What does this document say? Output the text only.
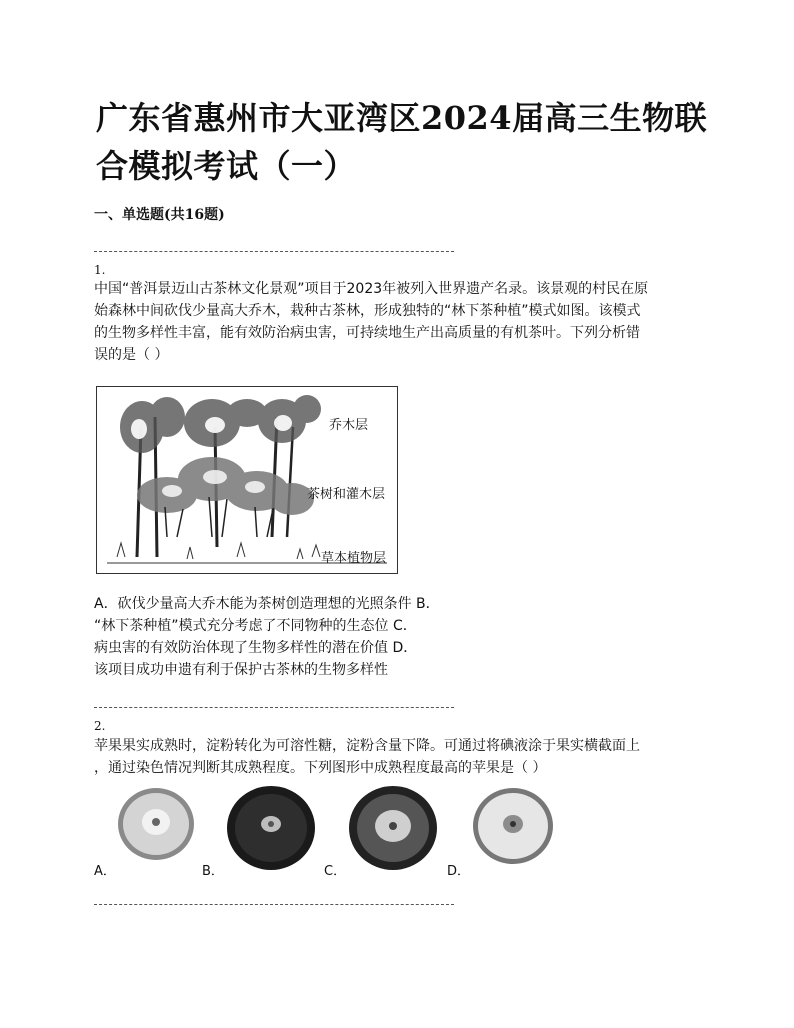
广东省惠州市大亚湾区2024届高三生物联合模拟考试（一）
一、单选题(共16题)
1.
中国“普洱景迈山古茶林文化景观”项目于2023年被列入世界遗产名录。该景观的村民在原
始森林中间砍伐少量高大乔木，栽种古茶林，形成独特的“林下茶种植”模式如图。该模式
的生物多样性丰富，能有效防治病虫害，可持续地生产出高质量的有机茶叶。下列分析错
误的是（ ）
乔木层
茶树和灌木层
草本植物层
A．砍伐少量高大乔木能为茶树创造理想的光照条件 B．
“林下茶种植”模式充分考虑了不同物种的生态位 C．
病虫害的有效防治体现了生物多样性的潜在价值 D．
该项目成功申遗有利于保护古茶林的生物多样性
2.
苹果果实成熟时，淀粉转化为可溶性糖，淀粉含量下降。可通过将碘液涂于果实横截面上
，通过染色情况判断其成熟程度。下列图形中成熟程度最高的苹果是（ ）
A．	B．	C．	D．
